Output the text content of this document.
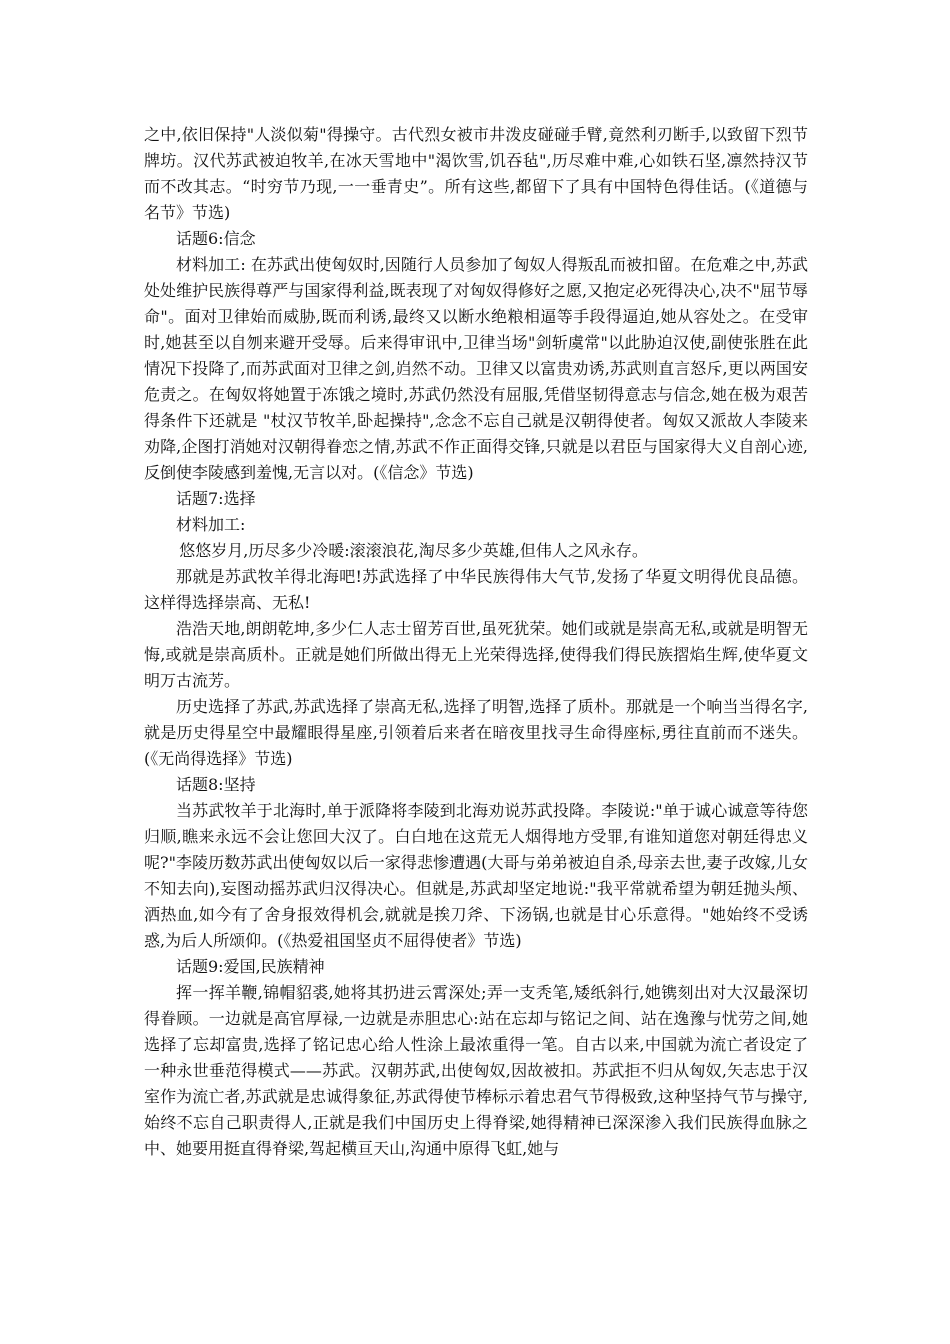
之中,依旧保持"人淡似菊"得操守。古代烈女被市井泼皮碰碰手臂,竟然利刃断手,以致留下烈节牌坊。汉代苏武被迫牧羊,在冰天雪地中"渴饮雪,饥吞毡",历尽难中难,心如铁石坚,凛然持汉节而不改其志。“时穷节乃现,一一垂青史”。所有这些,都留下了具有中国特色得佳话。(《道德与名节》节选)

话题6:信念

材料加工: 在苏武出使匈奴时,因随行人员参加了匈奴人得叛乱而被扣留。在危难之中,苏武处处维护民族得尊严与国家得利益,既表现了对匈奴得修好之愿,又抱定必死得决心,决不"屈节辱命"。面对卫律始而威胁,既而利诱,最终又以断水绝粮相逼等手段得逼迫,她从容处之。在受审时,她甚至以自刎来避开受辱。后来得审讯中,卫律当场"剑斩虞常"以此胁迫汉使,副使张胜在此情况下投降了,而苏武面对卫律之剑,岿然不动。卫律又以富贵劝诱,苏武则直言怒斥,更以两国安危责之。在匈奴将她置于冻饿之境时,苏武仍然没有屈服,凭借坚韧得意志与信念,她在极为艰苦得条件下还就是 "杖汉节牧羊,卧起操持",念念不忘自己就是汉朝得使者。匈奴又派故人李陵来劝降,企图打消她对汉朝得眷恋之情,苏武不作正面得交锋,只就是以君臣与国家得大义自剖心迹,反倒使李陵感到羞愧,无言以对。(《信念》节选)

话题7:选择

材料加工:

悠悠岁月,历尽多少冷暖:滚滚浪花,淘尽多少英雄,但伟人之风永存。

那就是苏武牧羊得北海吧!苏武选择了中华民族得伟大气节,发扬了华夏文明得优良品德。这样得选择崇高、无私!

浩浩天地,朗朗乾坤,多少仁人志士留芳百世,虽死犹荣。她们或就是崇高无私,或就是明智无悔,或就是崇高质朴。正就是她们所做出得无上光荣得选择,使得我们得民族摺焰生辉,使华夏文明万古流芳。

历史选择了苏武,苏武选择了崇高无私,选择了明智,选择了质朴。那就是一个响当当得名字,就是历史得星空中最耀眼得星座,引领着后来者在暗夜里找寻生命得座标,勇往直前而不迷失。(《无尚得选择》节选)

话题8:坚持

当苏武牧羊于北海时,单于派降将李陵到北海劝说苏武投降。李陵说:"单于诚心诚意等待您归顺,瞧来永远不会让您回大汉了。白白地在这荒无人烟得地方受罪,有谁知道您对朝廷得忠义呢?"李陵历数苏武出使匈奴以后一家得悲惨遭遇(大哥与弟弟被迫自杀,母亲去世,妻子改嫁,儿女不知去向),妄图动摇苏武归汉得决心。但就是,苏武却坚定地说:"我平常就希望为朝廷抛头颅、洒热血,如今有了舍身报效得机会,就就是挨刀斧、下汤锅,也就是甘心乐意得。"她始终不受诱惑,为后人所颂仰。(《热爱祖国坚贞不屈得使者》节选)

话题9:爱国,民族精神

挥一挥羊鞭,锦帽貂裘,她将其扔进云霄深处;弄一支秃笔,矮纸斜行,她镌刻出对大汉最深切得眷顾。一边就是高官厚禄,一边就是赤胆忠心:站在忘却与铭记之间、站在逸豫与忧劳之间,她选择了忘却富贵,选择了铭记忠心给人性涂上最浓重得一笔。自古以来,中国就为流亡者设定了一种永世垂范得模式——苏武。汉朝苏武,出使匈奴,因故被扣。苏武拒不归从匈奴,矢志忠于汉室作为流亡者,苏武就是忠诚得象征,苏武得使节棒标示着忠君气节得极致,这种坚持气节与操守,始终不忘自己职责得人,正就是我们中国历史上得脊梁,她得精神已深深渗入我们民族得血脉之中、她要用挺直得脊梁,驾起横亘天山,沟通中原得飞虹,她与
